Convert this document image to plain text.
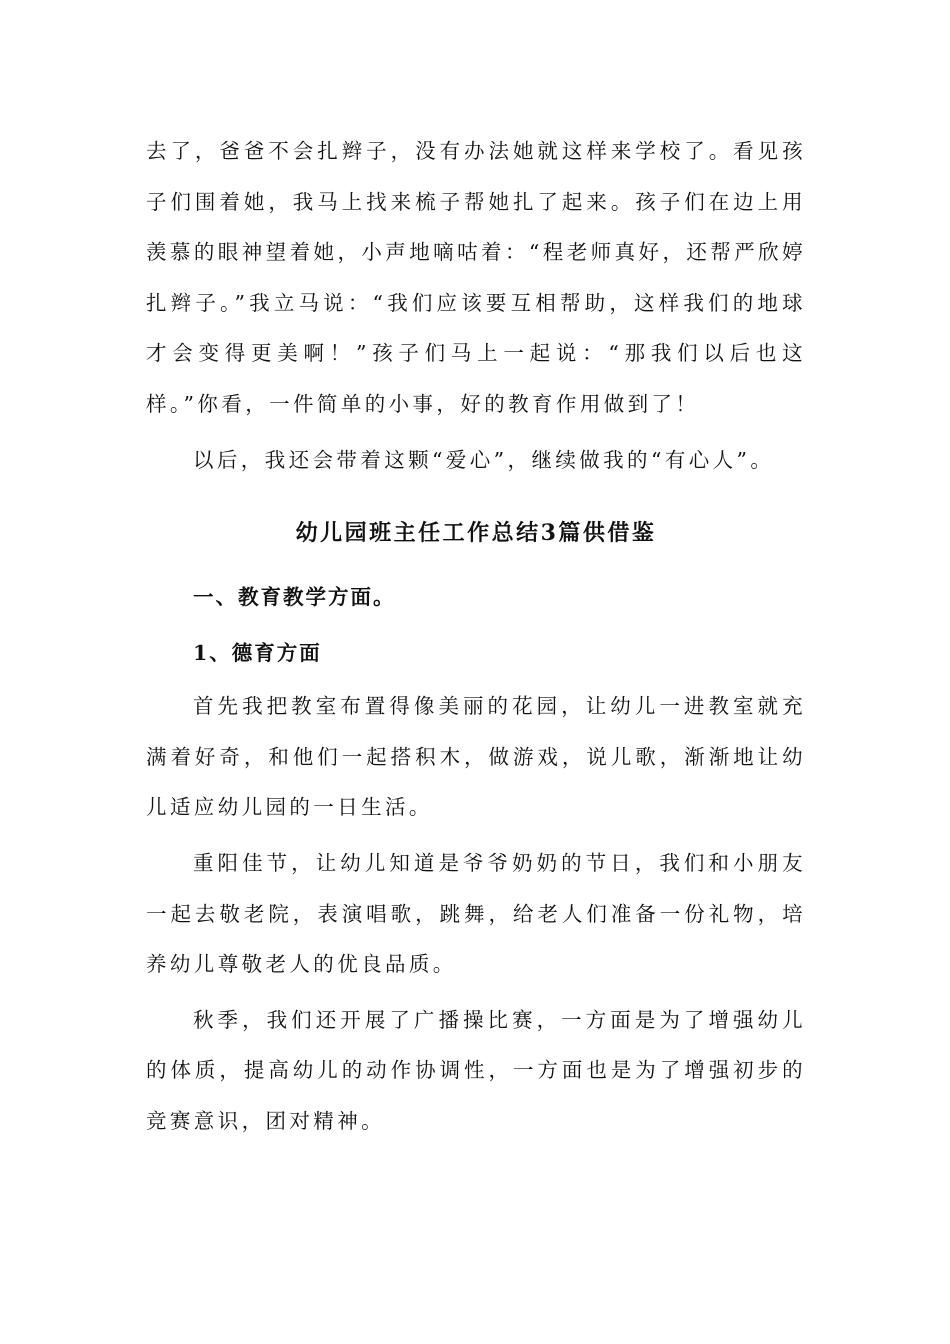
去了，爸爸不会扎辫子，没有办法她就这样来学校了。看见孩子们围着她，我马上找来梳子帮她扎了起来。孩子们在边上用羡慕的眼神望着她，小声地嘀咕着：“程老师真好，还帮严欣婷扎辫子。”我立马说：“我们应该要互相帮助，这样我们的地球才会变得更美啊！”孩子们马上一起说：“那我们以后也这样。”你看，一件简单的小事，好的教育作用做到了！

以后，我还会带着这颗“爱心”，继续做我的“有心人”。

幼儿园班主任工作总结3篇供借鉴
一、教育教学方面。
1、德育方面

首先我把教室布置得像美丽的花园，让幼儿一进教室就充满着好奇，和他们一起搭积木，做游戏，说儿歌，渐渐地让幼儿适应幼儿园的一日生活。

重阳佳节，让幼儿知道是爷爷奶奶的节日，我们和小朋友一起去敬老院，表演唱歌，跳舞，给老人们准备一份礼物，培养幼儿尊敬老人的优良品质。

秋季，我们还开展了广播操比赛，一方面是为了增强幼儿的体质，提高幼儿的动作协调性，一方面也是为了增强初步的竞赛意识，团对精神。
